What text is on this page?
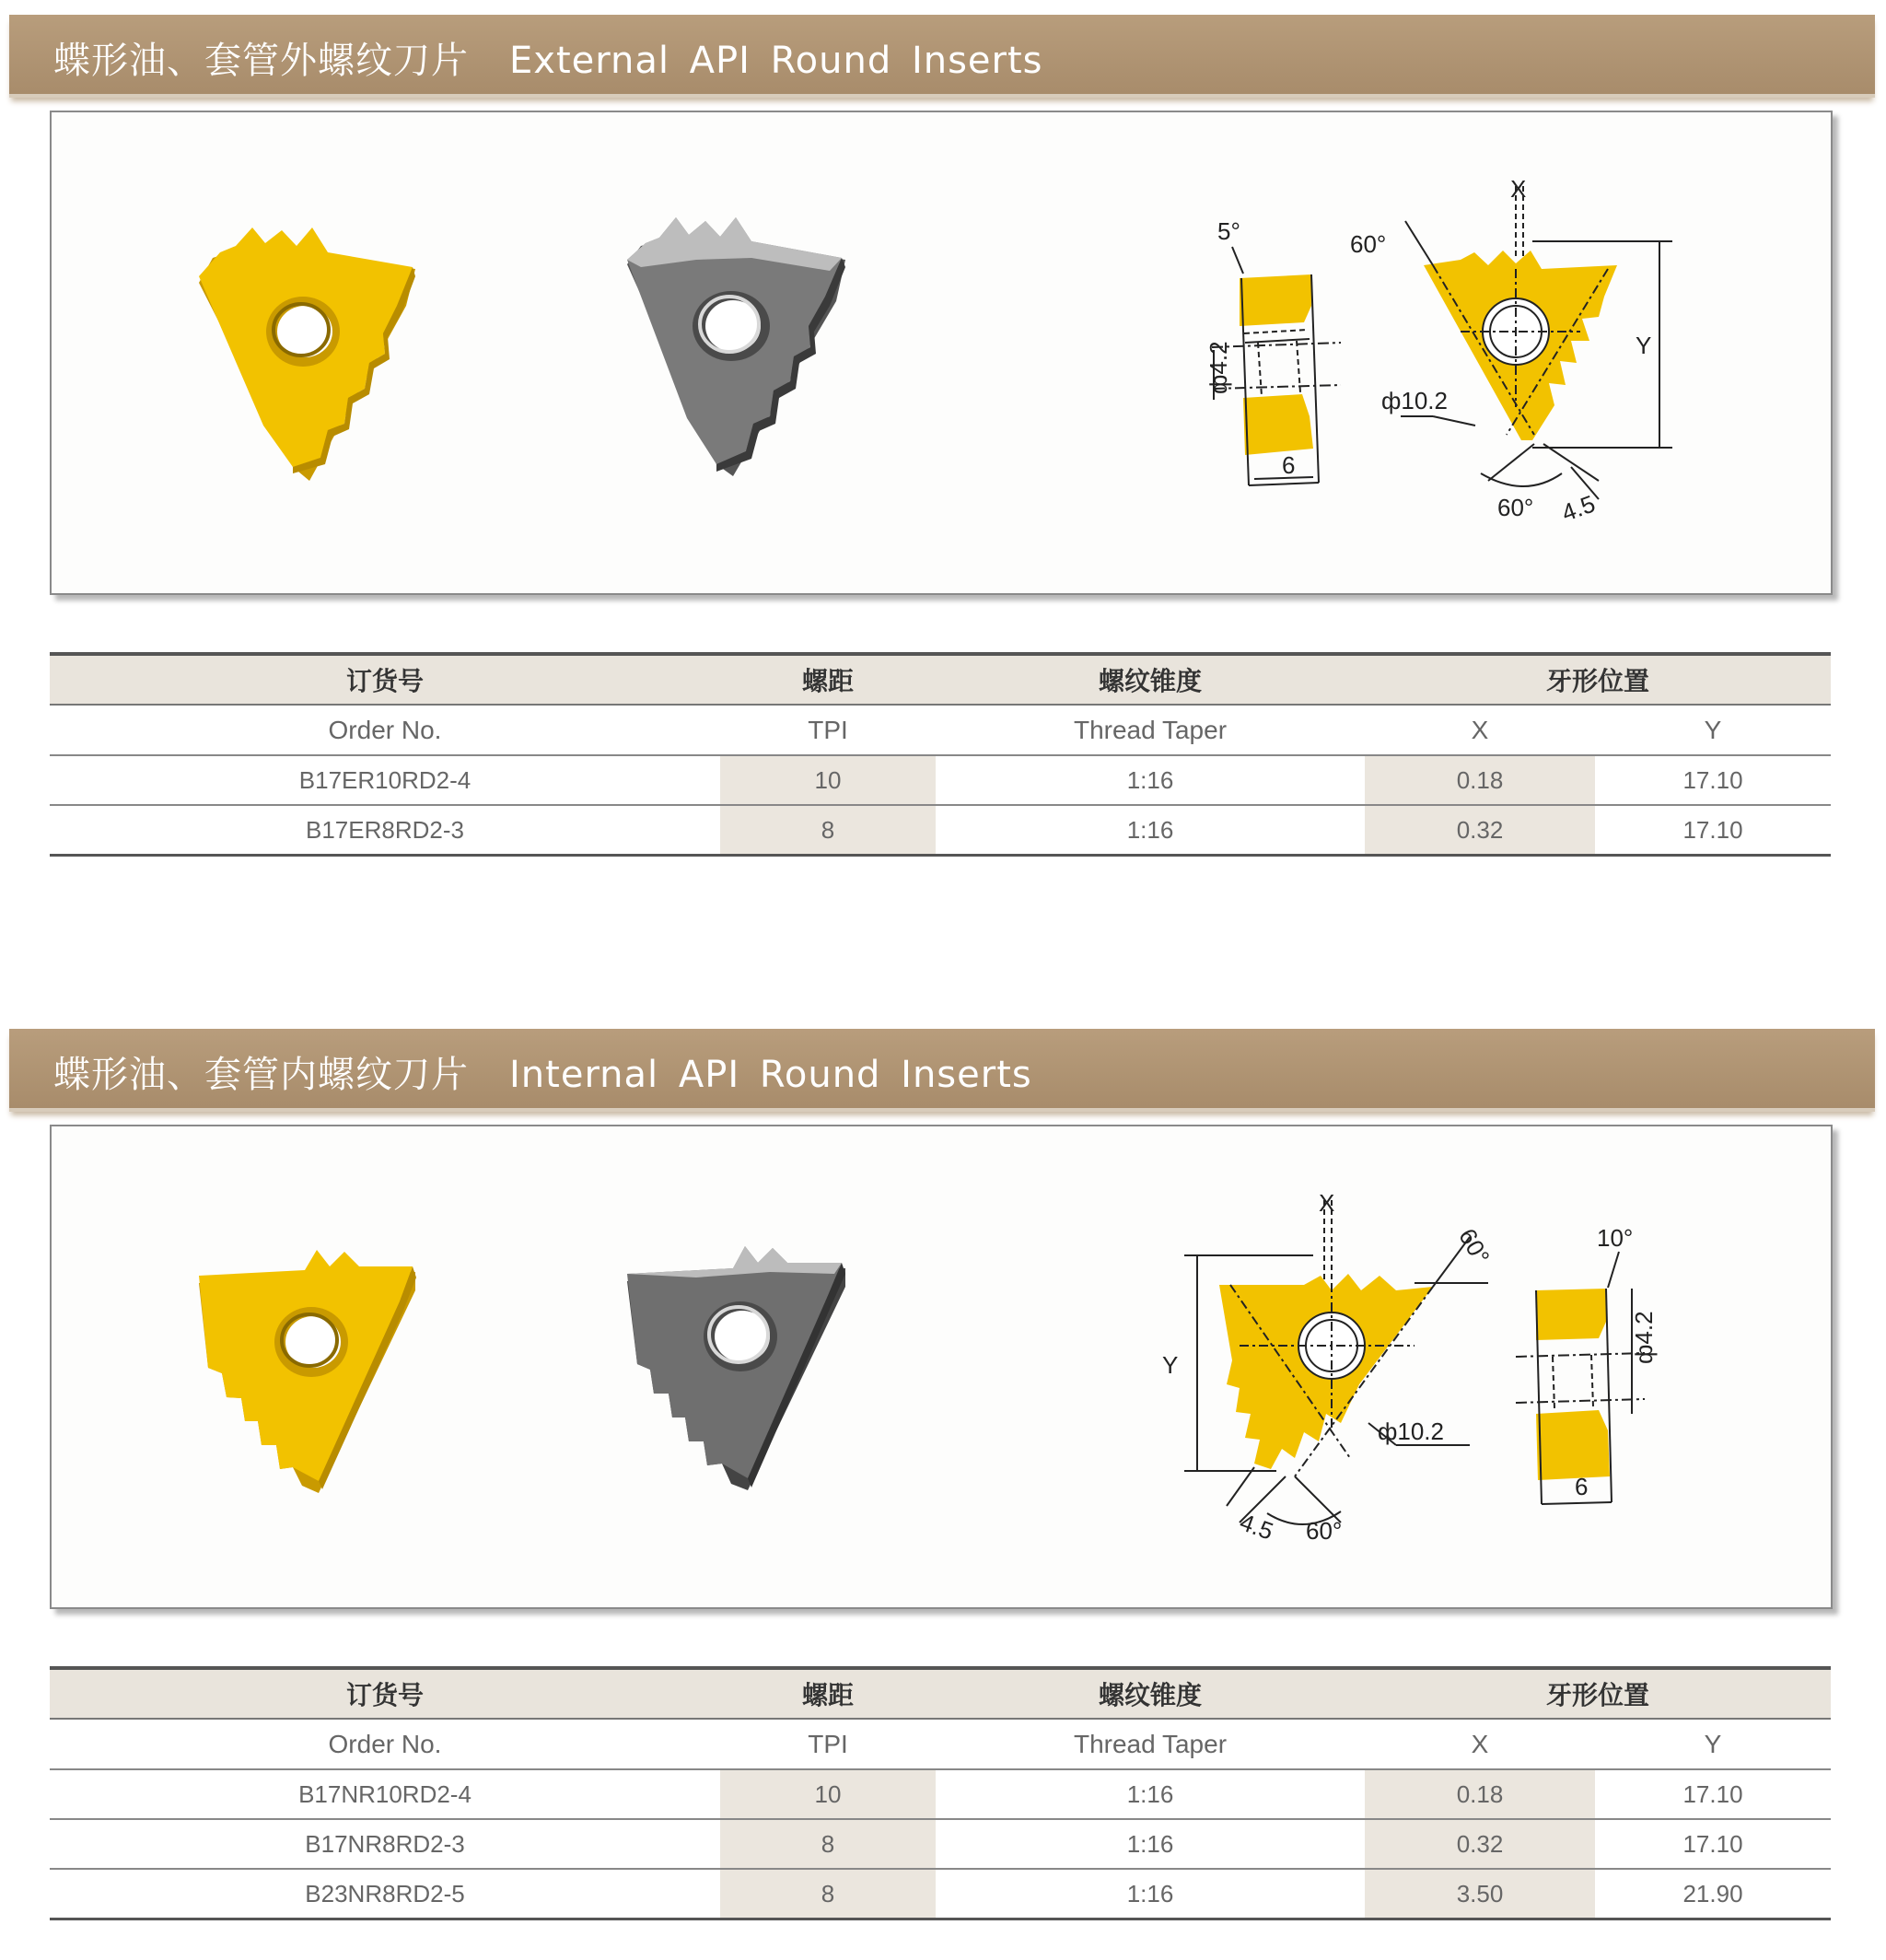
蝶形油、套管外螺纹刀片 External API Round Inserts
5°
ф4.2
6
60°
X
Y
ф10.2
60° 4.5
订货号	螺距	螺纹锥度	牙形位置	
Order No.	TPI	Thread Taper	X	Y
B17ER10RD2-4	10	1:16	0.18	17.10
B17ER8RD2-3	8	1:16	0.32	17.10
蝶形油、套管内螺纹刀片 Internal API Round Inserts
X
60°
Y
ф10.2
4.5 60°
10°
ф4.2
6
订货号	螺距	螺纹锥度	牙形位置	
Order No.	TPI	Thread Taper	X	Y
B17NR10RD2-4	10	1:16	0.18	17.10
B17NR8RD2-3	8	1:16	0.32	17.10
B23NR8RD2-5	8	1:16	3.50	21.90
